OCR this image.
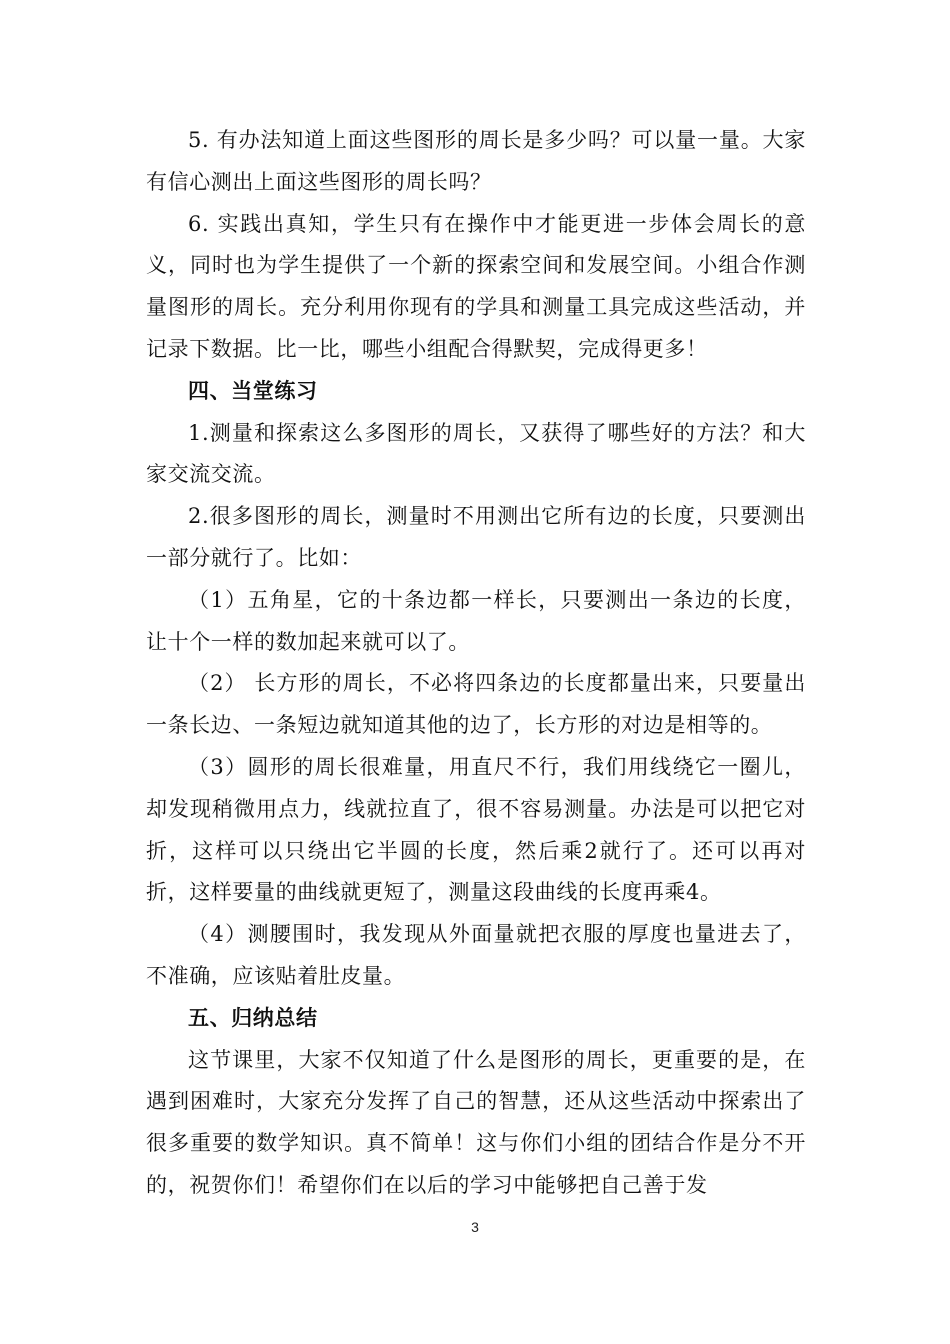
5. 有办法知道上面这些图形的周长是多少吗？可以量一量。大家有信心测出上面这些图形的周长吗？

6. 实践出真知，学生只有在操作中才能更进一步体会周长的意义，同时也为学生提供了一个新的探索空间和发展空间。小组合作测量图形的周长。充分利用你现有的学具和测量工具完成这些活动，并记录下数据。比一比，哪些小组配合得默契，完成得更多！

四、当堂练习

1.测量和探索这么多图形的周长，又获得了哪些好的方法？和大家交流交流。

2.很多图形的周长，测量时不用测出它所有边的长度，只要测出一部分就行了。比如：

（1）五角星，它的十条边都一样长，只要测出一条边的长度，让十个一样的数加起来就可以了。

（2） 长方形的周长，不必将四条边的长度都量出来，只要量出一条长边、一条短边就知道其他的边了，长方形的对边是相等的。

（3）圆形的周长很难量，用直尺不行，我们用线绕它一圈儿，却发现稍微用点力，线就拉直了，很不容易测量。办法是可以把它对折，这样可以只绕出它半圆的长度，然后乘2就行了。还可以再对折，这样要量的曲线就更短了，测量这段曲线的长度再乘4。

（4）测腰围时，我发现从外面量就把衣服的厚度也量进去了，不准确，应该贴着肚皮量。

五、归纳总结

这节课里，大家不仅知道了什么是图形的周长，更重要的是，在遇到困难时，大家充分发挥了自己的智慧，还从这些活动中探索出了很多重要的数学知识。真不简单！这与你们小组的团结合作是分不开的，祝贺你们！希望你们在以后的学习中能够把自己善于发

3
